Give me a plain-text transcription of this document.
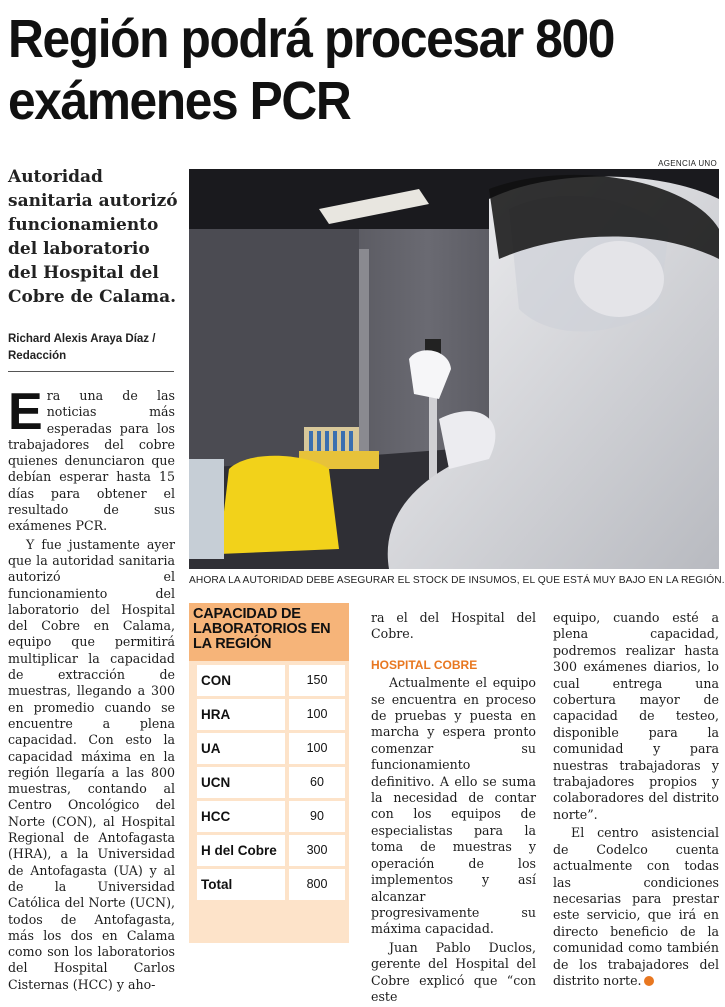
Región podrá procesar 800 exámenes PCR
AGENCIA UNO
AHORA LA AUTORIDAD DEBE ASEGURAR EL STOCK DE INSUMOS, EL QUE ESTÁ MUY BAJO EN LA REGIÓN.
Autoridad sanitaria autorizó funcionamiento del laboratorio del Hospital del Cobre de Calama.
Richard Alexis Araya Díaz /
Redacción

Era una de las noticias más esperadas para los trabajadores del cobre quienes denunciaron que debían esperar hasta 15 días para obtener el resultado de sus exámenes PCR.

Y fue justamente ayer que la autoridad sanitaria autorizó el funcionamiento del laboratorio del Hospital del Cobre en Calama, equipo que permitirá multiplicar la capacidad de extracción de muestras, llegando a 300 en promedio cuando se encuentre a plena capacidad. Con esto la capacidad máxima en la región llegaría a las 800 muestras, contando al Centro Oncológico del Norte (CON), al Hospital Regional de Antofagasta (HRA), a la Universidad de Antofagasta (UA) y al de la Universidad Católica del Norte (UCN), todos de Antofagasta, más los dos en Calama como son los laboratorios del Hospital Carlos Cisternas (HCC) y aho-

CAPACIDAD DE LABORATORIOS EN LA REGIÓN
CON	150
HRA	100
UA	100
UCN	60
HCC	90
H del Cobre	300
Total	800

ra el del Hospital del Cobre.

HOSPITAL COBRE

Actualmente el equipo se encuentra en proceso de pruebas y puesta en marcha y espera pronto comenzar su funcionamiento definitivo. A ello se suma la necesidad de contar con los equipos de especialistas para la toma de muestras y operación de los implementos y así alcanzar progresivamente su máxima capacidad.

Juan Pablo Duclos, gerente del Hospital del Cobre explicó que “con este

equipo, cuando esté a plena capacidad, podremos realizar hasta 300 exámenes diarios, lo cual entrega una cobertura mayor de capacidad de testeo, disponible para la comunidad y para nuestras trabajadoras y trabajadores propios y colaboradores del distrito norte”.

El centro asistencial de Codelco cuenta actualmente con todas las condiciones necesarias para prestar este servicio, que irá en directo beneficio de la comunidad como también de los trabajadores del distrito norte.
